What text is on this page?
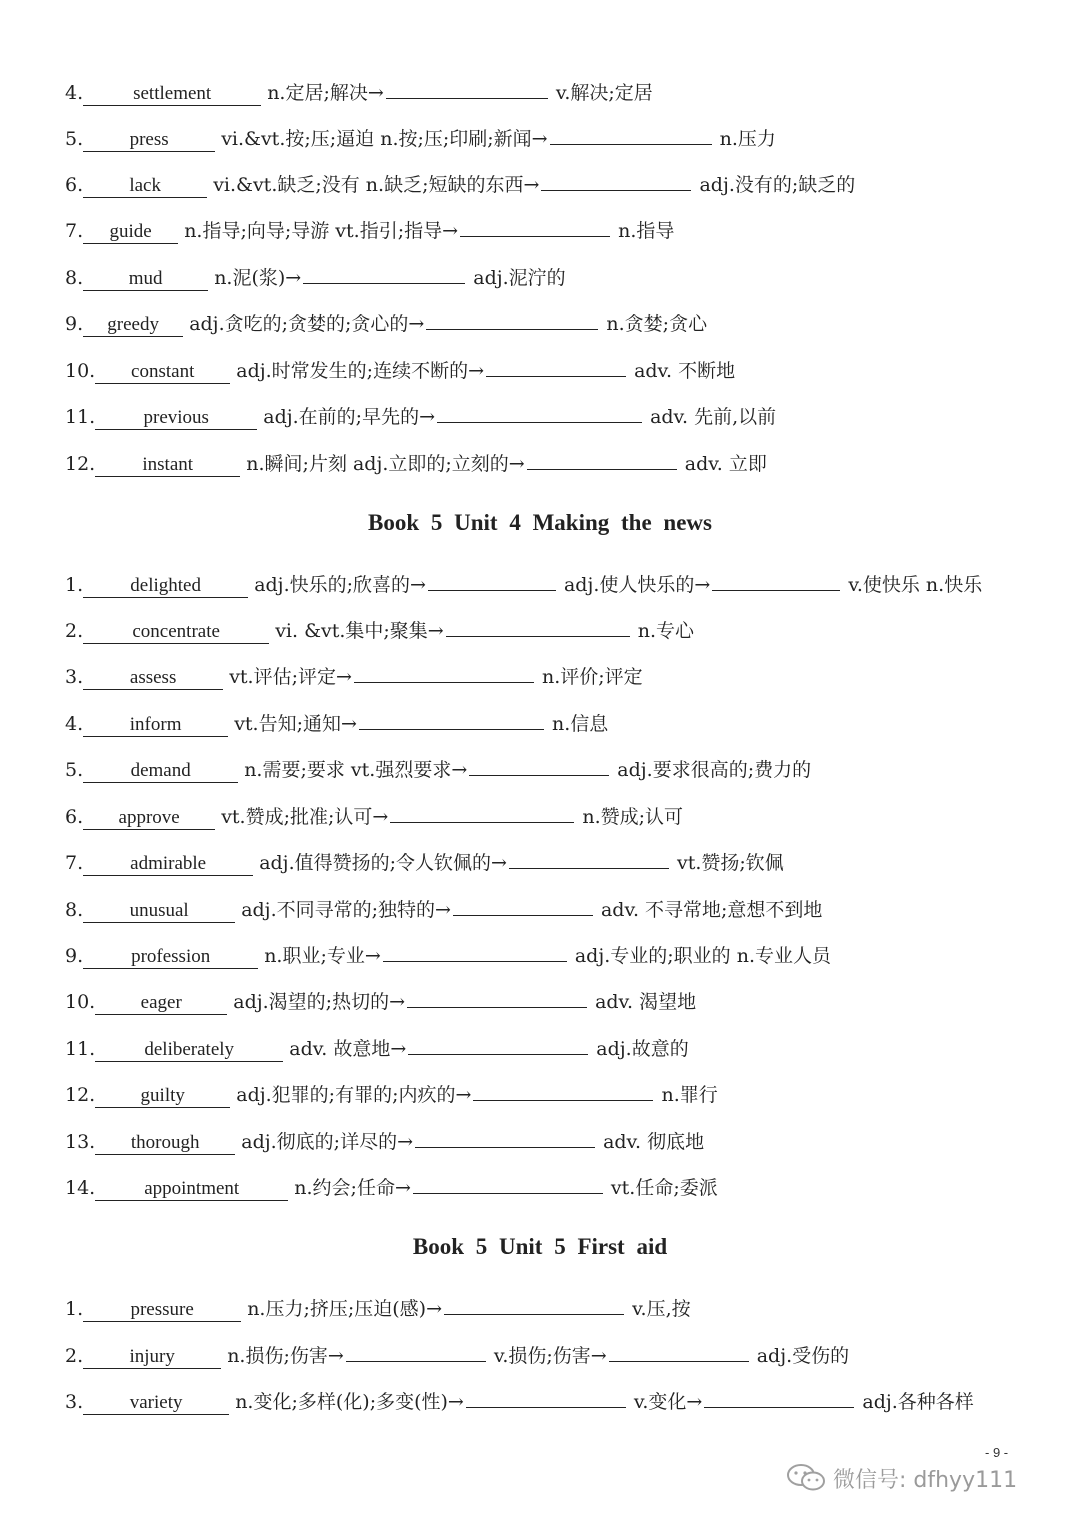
4.	settlement	n.定居;解决→	v.解决;定居
5. press	vi.&vt.按;压;逼迫 n.按;压;印刷;新闻→	n.压力
6. lack	vi.&vt.缺乏;没有 n.缺乏;短缺的东西→	adj.没有的;缺乏的
7. guide n.指导;向导;导游 vt.指引;指导→	n.指导
8. mud	n.泥(浆)→	adj.泥泞的
9. greedy adj.贪吃的;贪婪的;贪心的→	n.贪婪;贪心
10. constant adj.时常发生的;连续不断的→	adv. 不断地
11.	previous	adj.在前的;早先的→	adv. 先前,以前
12. instant	n.瞬间;片刻 adj.立即的;立刻的→	adv. 立即
Book 5 Unit 4 Making the news
1. delighted	adj.快乐的;欣喜的→	adj.使人快乐的→	v.使快乐 n.快乐
2.	concentrate	vi. &vt.集中;聚集→	n.专心
3. assess	vt.评估;评定→	n.评价;评定
4. inform	vt.告知;通知→	n.信息
5. demand	n.需要;要求 vt.强烈要求→	adj.要求很高的;费力的
6. approve vt.赞成;批准;认可→	n.赞成;认可
7. admirable	adj.值得赞扬的;令人钦佩的→	vt.赞扬;钦佩
8. unusual	adj.不同寻常的;独特的→	adv. 不寻常地;意想不到地
9.	profession	n.职业;专业→	adj.专业的;职业的 n.专业人员
10. eager	adj.渴望的;热切的→	adv. 渴望地
11.	deliberately	adv. 故意地→	adj.故意的
12. guilty	adj.犯罪的;有罪的;内疚的→	n.罪行
13. thorough adj.彻底的;详尽的→	adv. 彻底地
14.	appointment	n.约会;任命→	vt.任命;委派
Book 5 Unit 5 First aid
1. pressure	n.压力;挤压;压迫(感)→	v.压,按
2. injury	n.损伤;伤害→	v.损伤;伤害→	adj.受伤的
3. variety	n.变化;多样(化);多变(性)→	v.变化→	adj.各种各样
- 9 -
微信号: dfhyy111
